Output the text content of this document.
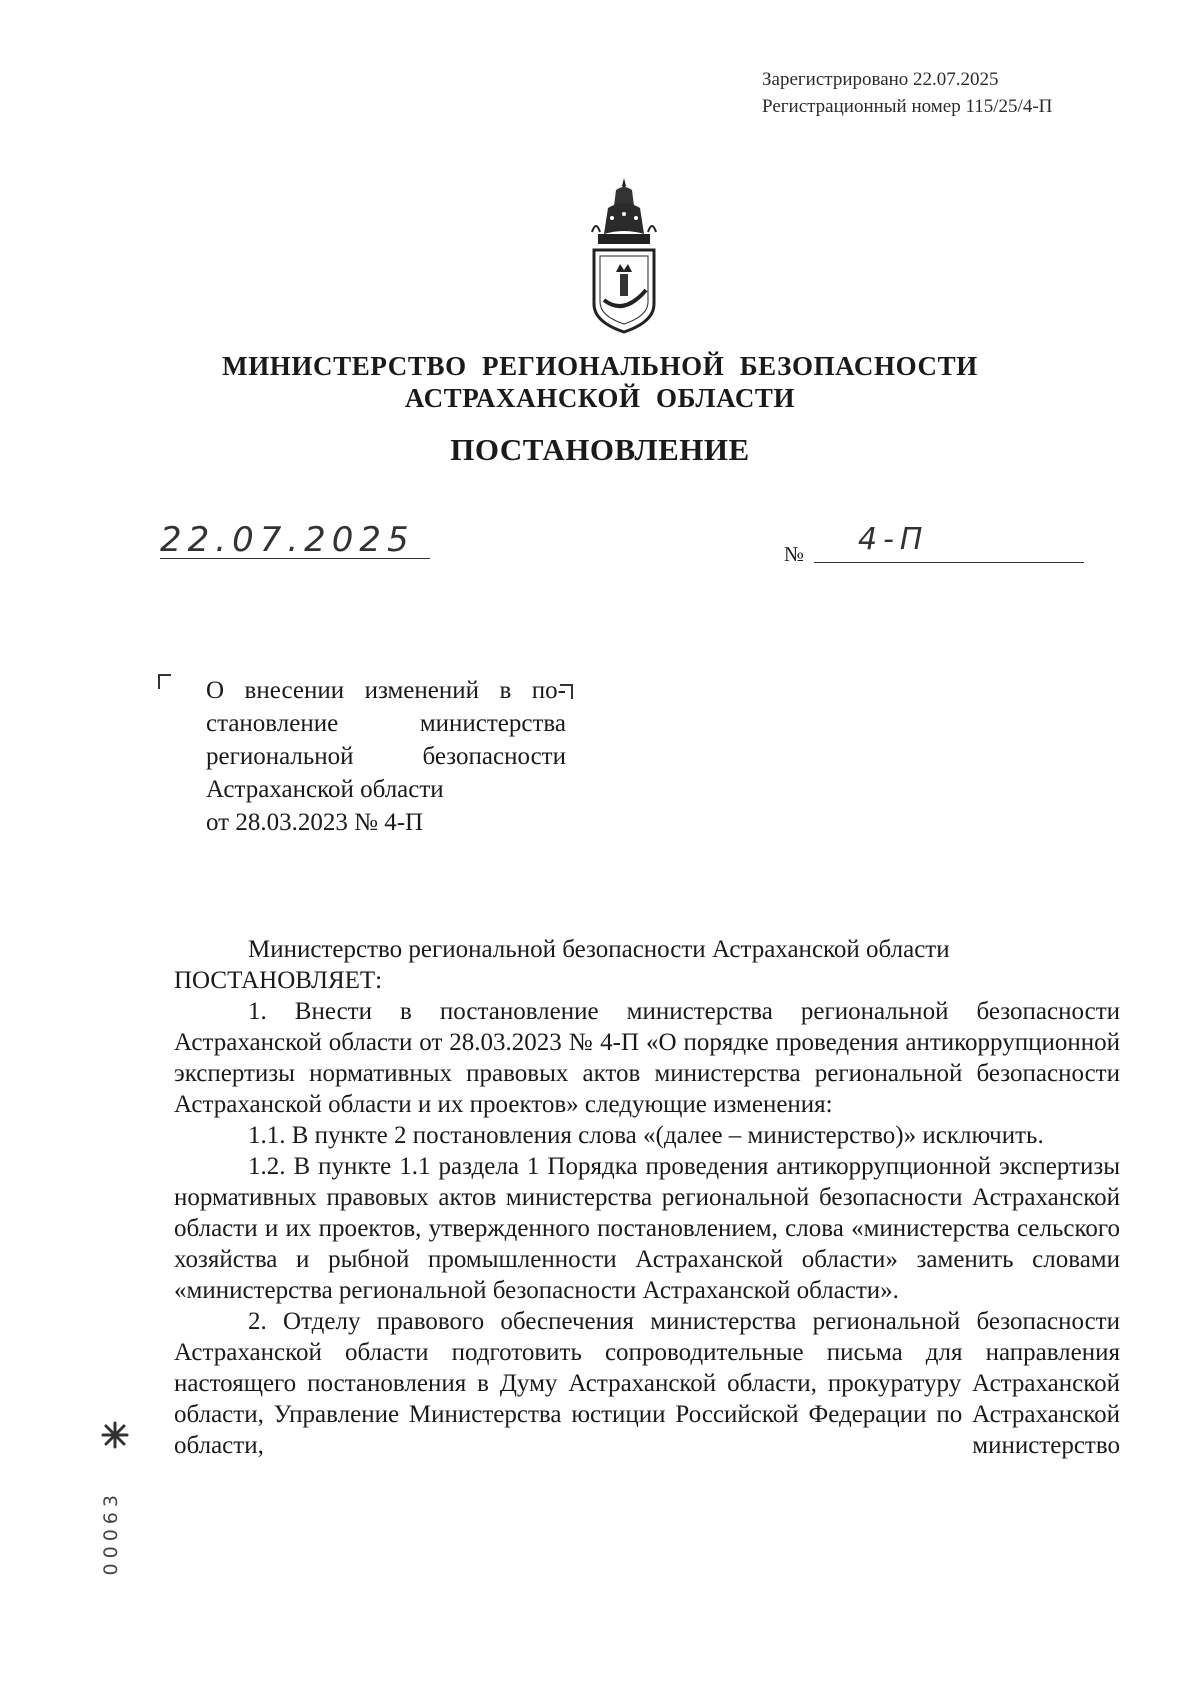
Зарегистрировано 22.07.2025
Регистрационный номер 115/25/4-П
МИНИСТЕРСТВО РЕГИОНАЛЬНОЙ БЕЗОПАСНОСТИ
АСТРАХАНСКОЙ ОБЛАСТИ
ПОСТАНОВЛЕНИЕ
22.07.2025	№ 4-П
О внесении изменений в по-
становление министерства
региональной безопасности
Астраханской области
от 28.03.2023 № 4-П

Министерство региональной безопасности Астраханской области

ПОСТАНОВЛЯЕТ:

1. Внести в постановление министерства региональной безопасности Астраханской области от 28.03.2023 № 4-П «О порядке проведения антикоррупционной экспертизы нормативных правовых актов министерства региональной безопасности Астраханской области и их проектов» следующие изменения:

1.1. В пункте 2 постановления слова «(далее – министерство)» исключить.

1.2. В пункте 1.1 раздела 1 Порядка проведения антикоррупционной экспертизы нормативных правовых актов министерства региональной безопасности Астраханской области и их проектов, утвержденного постановлением, слова «министерства сельского хозяйства и рыбной промышленности Астраханской области» заменить словами «министерства региональной безопасности Астраханской области».

2. Отделу правового обеспечения министерства региональной безопасности Астраханской области подготовить сопроводительные письма для направления настоящего постановления в Думу Астраханской области, прокуратуру Астраханской области, Управление Министерства юстиции Российской Федерации по Астраханской области, министерство

00063
